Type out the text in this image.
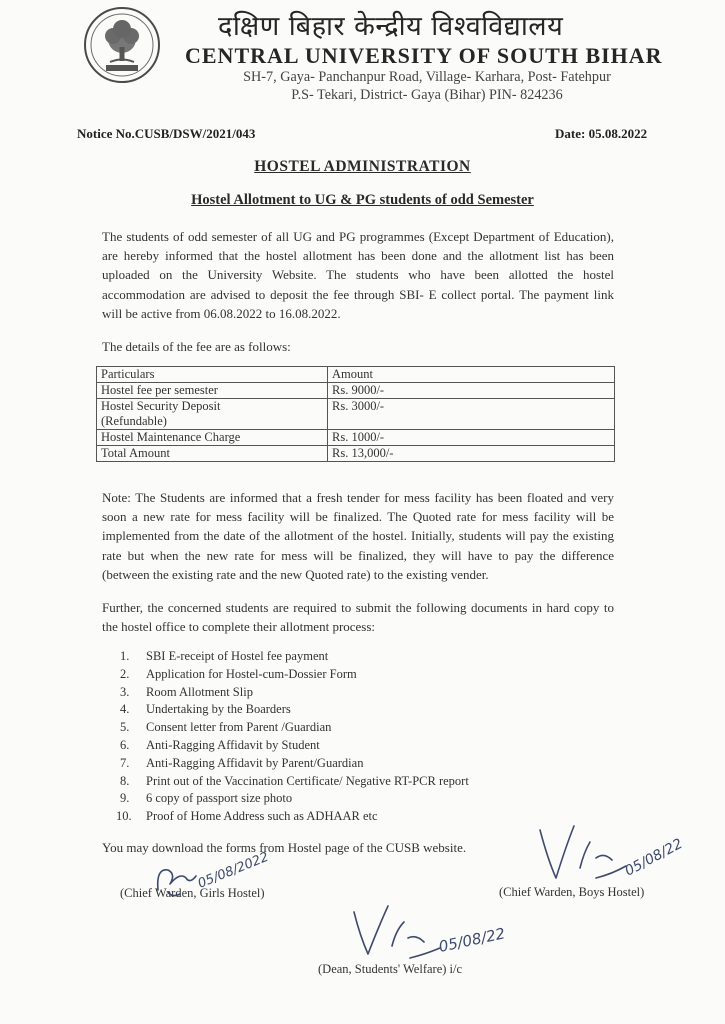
दक्षिण बिहार केन्द्रीय विश्वविद्यालय
CENTRAL UNIVERSITY OF SOUTH BIHAR
SH-7, Gaya- Panchanpur Road, Village- Karhara, Post- Fatehpur
P.S- Tekari, District- Gaya (Bihar) PIN- 824236
Notice No.CUSB/DSW/2021/043	Date: 05.08.2022
HOSTEL ADMINISTRATION
Hostel Allotment to UG & PG students of odd Semester
The students of odd semester of all UG and PG programmes (Except Department of Education), are hereby informed that the hostel allotment has been done and the allotment list has been uploaded on the University Website. The students who have been allotted the hostel accommodation are advised to deposit the fee through SBI- E collect portal. The payment link will be active from 06.08.2022 to 16.08.2022.
The details of the fee are as follows:
Particulars	Amount
Hostel fee per semester	Rs. 9000/-
Hostel Security Deposit
(Refundable)	Rs. 3000/-
Hostel Maintenance Charge	Rs. 1000/-
Total Amount	Rs. 13,000/-
Note: The Students are informed that a fresh tender for mess facility has been floated and very soon a new rate for mess facility will be finalized. The Quoted rate for mess facility will be implemented from the date of the allotment of the hostel. Initially, students will pay the existing rate but when the new rate for mess will be finalized, they will have to pay the difference (between the existing rate and the new Quoted rate) to the existing vender.
Further, the concerned students are required to submit the following documents in hard copy to the hostel office to complete their allotment process:
1. SBI E-receipt of Hostel fee payment
2. Application for Hostel-cum-Dossier Form
3. Room Allotment Slip
4. Undertaking by the Boarders
5. Consent letter from Parent /Guardian
6. Anti-Ragging Affidavit by Student
7. Anti-Ragging Affidavit by Parent/Guardian
8. Print out of the Vaccination Certificate/ Negative RT-PCR report
9. 6 copy of passport size photo
10. Proof of Home Address such as ADHAAR etc
You may download the forms from Hostel page of the CUSB website.
(Chief Warden, Girls Hostel)	(Chief Warden, Boys Hostel)
(Dean, Students' Welfare) i/c
05/08/2022	05/08/22
05/08/22
